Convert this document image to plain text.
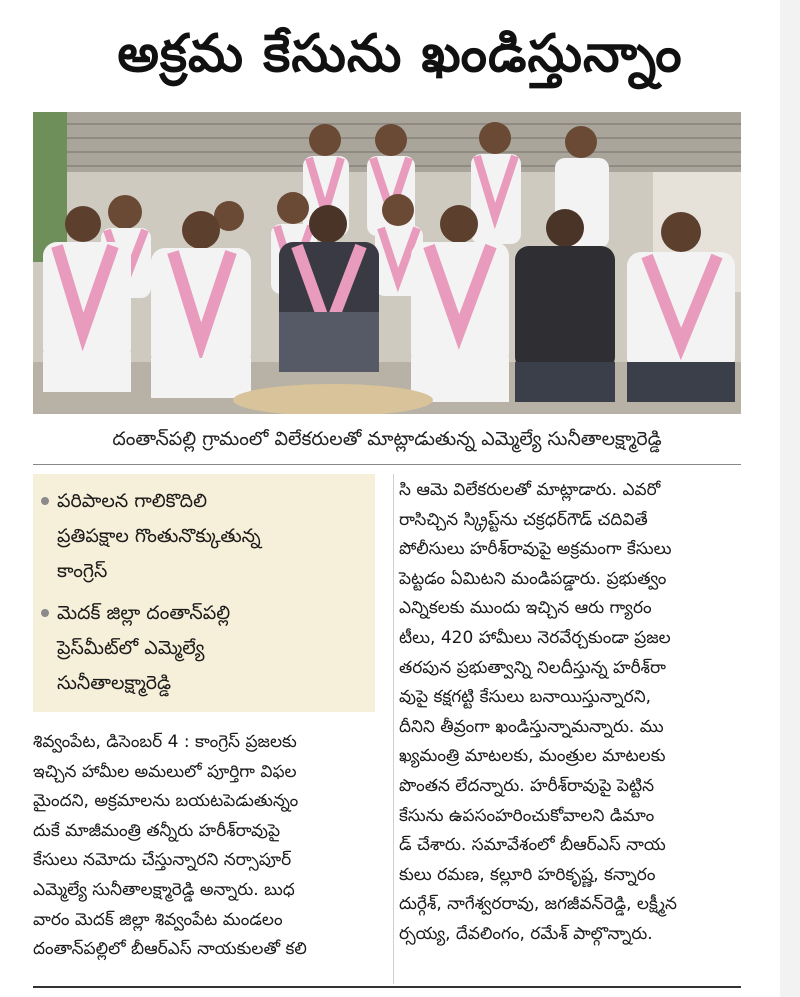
అక్రమ కేసును ఖండిస్తున్నాం
దంతాన్‌పల్లి గ్రామంలో విలేకరులతో మాట్లాడుతున్న ఎమ్మెల్యే సునీతాలక్ష్మారెడ్డి
పరిపాలన గాలికొదిలి
ప్రతిపక్షాల గొంతునొక్కుతున్న
కాంగ్రెస్
మెదక్ జిల్లా దంతాన్‌పల్లి
ప్రెస్‌మీట్‌లో ఎమ్మెల్యే
సునీతాలక్ష్మారెడ్డి
శివ్వంపేట, డిసెంబర్ 4 : కాంగ్రెస్ ప్రజలకు
ఇచ్చిన హామీల అమలులో పూర్తిగా విఫల
మైందని, అక్రమాలను బయటపెడుతున్నం
దుకే మాజీమంత్రి తన్నీరు హరీశ్‌రావుపై
కేసులు నమోదు చేస్తున్నారని నర్సాపూర్
ఎమ్మెల్యే సునీతాలక్ష్మారెడ్డి అన్నారు. బుధ
వారం మెదక్ జిల్లా శివ్వంపేట మండలం
దంతాన్‌పల్లిలో బీఆర్‌ఎస్ నాయకులతో కలి
సి ఆమె విలేకరులతో మాట్లాడారు. ఎవరో
రాసిచ్చిన స్క్రిప్ట్‌ను చక్రధర్‌గౌడ్ చదివితే
పోలీసులు హరీశ్‌రావుపై అక్రమంగా కేసులు
పెట్టడం ఏమిటని మండిపడ్డారు. ప్రభుత్వం
ఎన్నికలకు ముందు ఇచ్చిన ఆరు గ్యారం
టీలు, 420 హామీలు నెరవేర్చకుండా ప్రజల
తరపున ప్రభుత్వాన్ని నిలదీస్తున్న హరీశ్‌రా
వుపై కక్షగట్టి కేసులు బనాయిస్తున్నారని,
దీనిని తీవ్రంగా ఖండిస్తున్నామన్నారు. ము
ఖ్యమంత్రి మాటలకు, మంత్రుల మాటలకు
పొంతన లేదన్నారు. హరీశ్‌రావుపై పెట్టిన
కేసును ఉపసంహరించుకోవాలని డిమాం
డ్ చేశారు. సమావేశంలో బీఆర్‌ఎస్ నాయ
కులు రమణ, కల్లూరి హరికృష్ణ, కన్నారం
దుర్గేశ్, నాగేశ్వరరావు, జగజీవన్‌రెడ్డి, లక్ష్మీన
ర్సయ్య, దేవలింగం, రమేశ్ పాల్గొన్నారు.
